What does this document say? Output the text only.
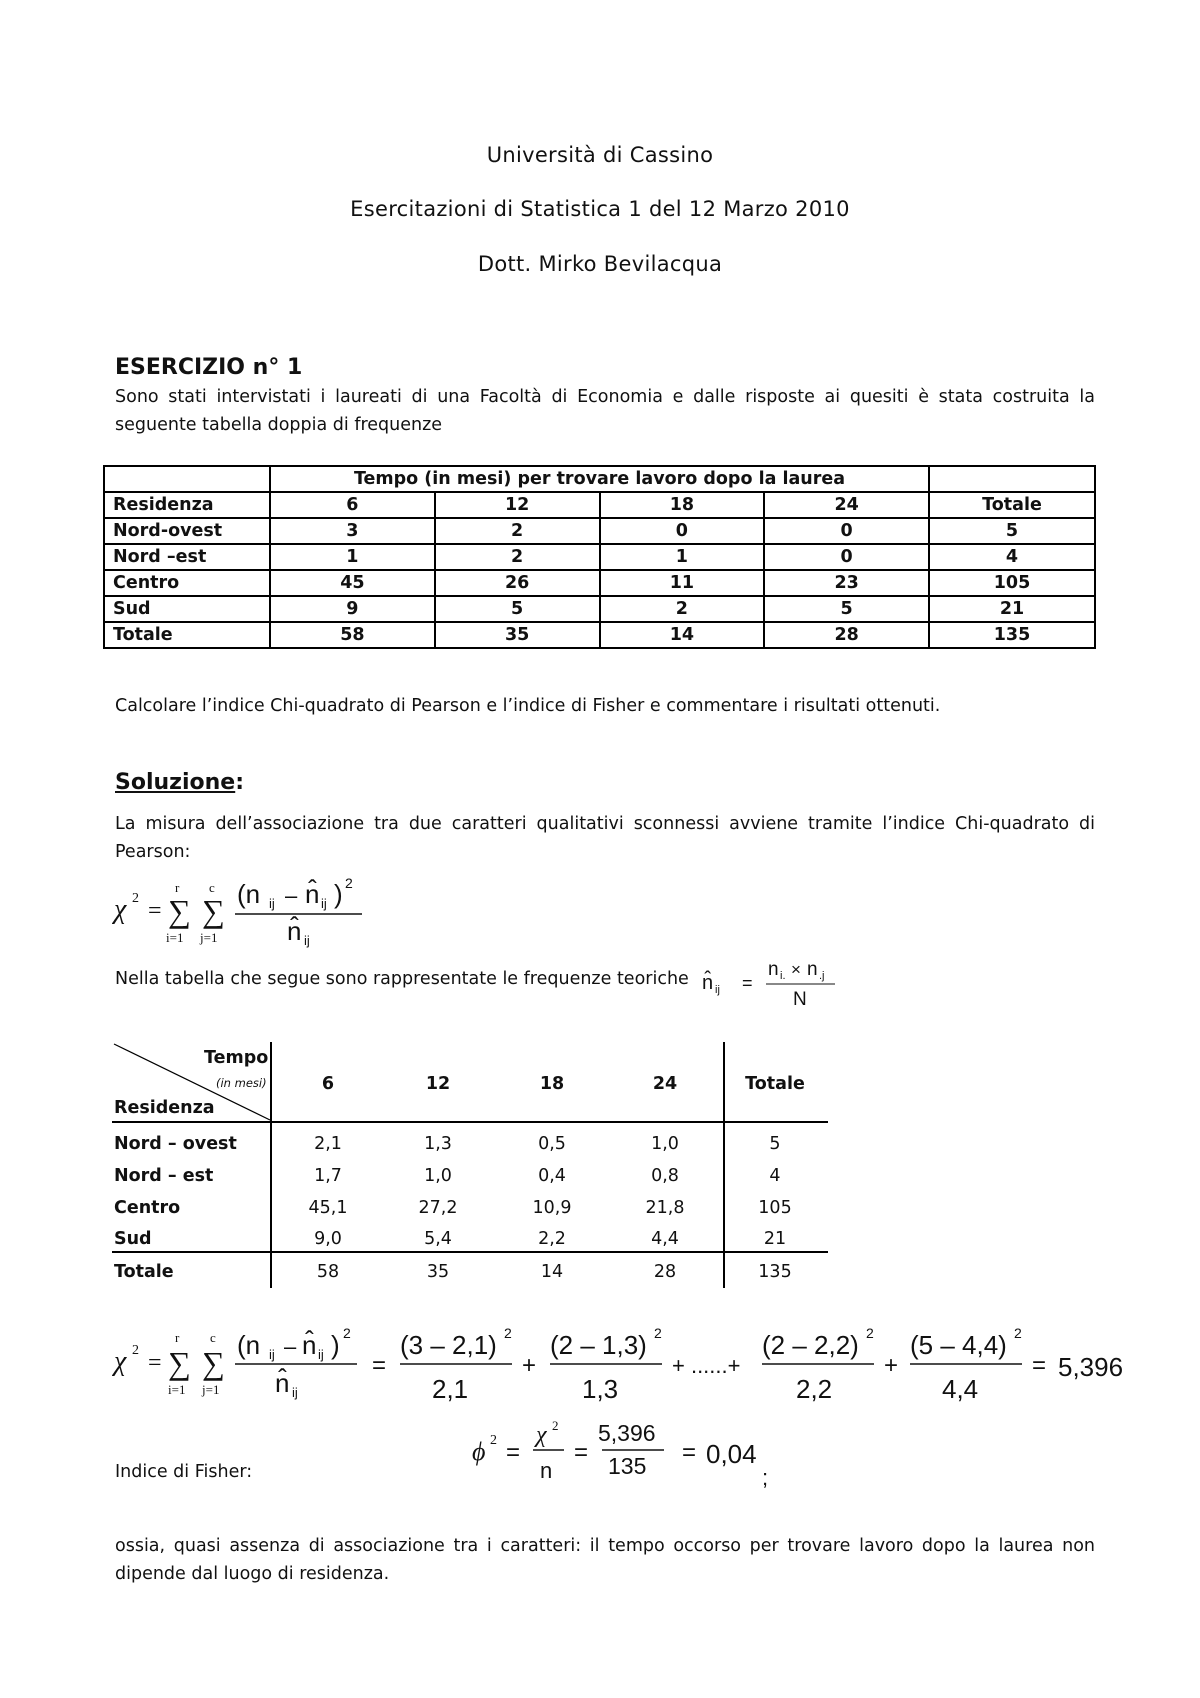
Università di Cassino
Esercitazioni di Statistica 1 del 12 Marzo 2010
Dott. Mirko Bevilacqua
ESERCIZIO n° 1
Sono stati intervistati i laureati di una Facoltà di Economia e dalle risposte ai quesiti è stata costruita la seguente tabella doppia di frequenze
	Tempo (in mesi) per trovare lavoro dopo la laurea				
Residenza	6	12	18	24	Totale
Nord-ovest	3	2	0	0	5
Nord –est	1	2	1	0	4
Centro	45	26	11	23	105
Sud	9	5	2	5	21
Totale	58	35	14	28	135
Calcolare l’indice Chi-quadrato di Pearson e l’indice di Fisher e commentare i risultati ottenuti.
Soluzione:
La misura dell’associazione tra due caratteri qualitativi sconnessi avviene tramite l’indice Chi-quadrato di Pearson:
χ 2 =
r
∑
i=1
c
∑
j=1
(n ij – n̂ ij ) 2
n̂ ij
Nella tabella che segue sono rappresentate le frequenze teoriche n̂ ij =
n i. × n .j
N
Tempo
(in mesi)
Residenza
6	12	18	24	Totale
Nord – ovest	2,1	1,3	0,5	1,0	5
Nord – est	1,7	1,0	0,4	0,8	4
Centro	45,1	27,2	10,9	21,8	105
Sud	9,0	5,4	2,2	4,4	21
Totale	58	35	14	28	135
χ 2 =
r
∑
i=1
c
∑
j=1
(n ij – n̂ ij ) 2
n̂ ij
=
(3 – 2,1) 2
2,1
+
(2 – 1,3) 2
1,3
+ ......+
(2 – 2,2) 2
2,2
+
(5 – 4,4) 2
4,4
= 5,396
Indice di Fisher:
ϕ 2 =
χ 2
n
=	=
5,396
135 0,04
;
ossia, quasi assenza di associazione tra i caratteri: il tempo occorso per trovare lavoro dopo la laurea non dipende dal luogo di residenza.
